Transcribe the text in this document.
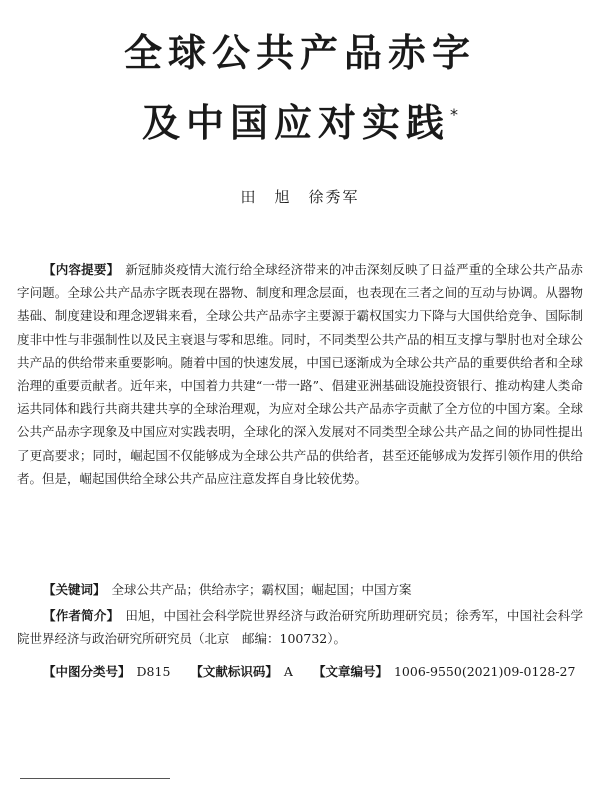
全球公共产品赤字
及中国应对实践*
田　旭　徐秀军

【内容提要】 新冠肺炎疫情大流行给全球经济带来的冲击深刻反映了日益严重的全球公共产品赤字问题。全球公共产品赤字既表现在器物、制度和理念层面，也表现在三者之间的互动与协调。从器物基础、制度建设和理念逻辑来看，全球公共产品赤字主要源于霸权国实力下降与大国供给竞争、国际制度非中性与非强制性以及民主衰退与零和思维。同时，不同类型公共产品的相互支撑与掣肘也对全球公共产品的供给带来重要影响。随着中国的快速发展，中国已逐渐成为全球公共产品的重要供给者和全球治理的重要贡献者。近年来，中国着力共建“一带一路”、倡建亚洲基础设施投资银行、推动构建人类命运共同体和践行共商共建共享的全球治理观，为应对全球公共产品赤字贡献了全方位的中国方案。全球公共产品赤字现象及中国应对实践表明，全球化的深入发展对不同类型全球公共产品之间的协同性提出了更高要求；同时，崛起国不仅能够成为全球公共产品的供给者，甚至还能够成为发挥引领作用的供给者。但是，崛起国供给全球公共产品应注意发挥自身比较优势。

【关键词】 全球公共产品；供给赤字；霸权国；崛起国；中国方案

【作者简介】 田旭，中国社会科学院世界经济与政治研究所助理研究员；徐秀军，中国社会科学院世界经济与政治研究所研究员（北京　邮编：100732）。

【中图分类号】 D815 【文献标识码】 A 【文章编号】 1006-9550(2021)09-0128-27
